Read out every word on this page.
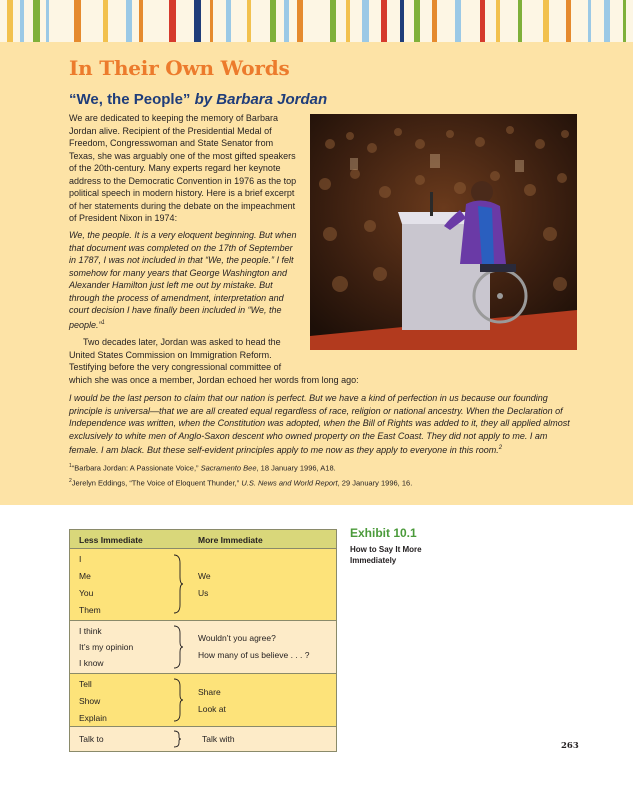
In Their Own Words
“We, the People” by Barbara Jordan

We are dedicated to keeping the memory of Barbara Jordan alive. Recipient of the Presidential Medal of Freedom, Congresswoman and State Senator from Texas, she was arguably one of the most gifted speakers of the 20th-century. Many experts regard her keynote address to the Democratic Convention in 1976 as the top political speech in modern history. Here is a brief excerpt of her statements during the debate on the impeachment of President Nixon in 1974:

We, the people. It is a very eloquent beginning. But when that document was completed on the 17th of September in 1787, I was not included in that “We, the people.” I felt somehow for many years that George Washington and Alexander Hamilton just left me out by mistake. But through the process of amendment, interpretation and court decision I have finally been included in “We, the people.”$^1$

Two decades later, Jordan was asked to head the
United States Commission on Immigration Reform.
Testifying before the very congressional committee of
which she was once a member, Jordan echoed her words from long ago:

I would be the last person to claim that our nation is perfect. But we have a kind of perfection in us because our founding principle is universal—that we are all created equal regardless of race, religion or national ancestry. When the Declaration of Independence was written, when the Constitution was adopted, when the Bill of Rights was added to it, they all applied almost exclusively to white men of Anglo-Saxon descent who owned property on the East Coast. They did not apply to me. I am female. I am black. But these self-evident principles apply to me now as they apply to everyone in this room.$^2$

$^1$“Barbara Jordan: A Passionate Voice,” Sacramento Bee, 18 January 1996, A18.
$^2$Jerelyn Eddings, “The Voice of Eloquent Thunder,” U.S. News and World Report, 29 January 1996, 16.
Less Immediate	More Immediate
I
Me
You
Them
We
Us
I think
It’s my opinion
I know
Wouldn’t you agree?
How many of us believe . . . ?
Tell
Show
Explain
Share
Look at
Talk to	Talk with
Exhibit 10.1

How to Say It More Immediately

263
